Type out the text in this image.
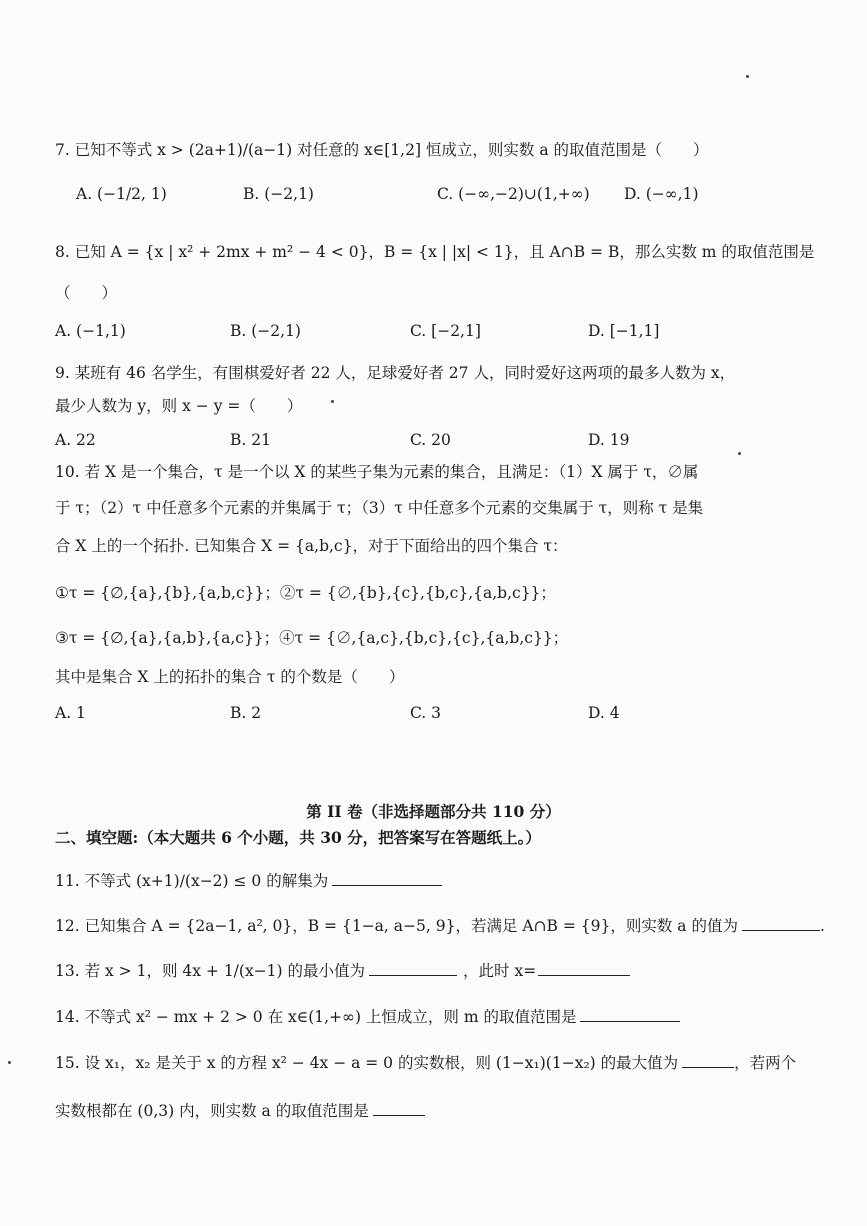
7. 已知不等式 x > (2a+1)/(a−1) 对任意的 x∈[1,2] 恒成立，则实数 a 的取值范围是（　　）
A. (−1/2, 1)	B. (−2,1)	C. (−∞,−2)∪(1,+∞) D. (−∞,1)
8. 已知 A = {x | x² + 2mx + m² − 4 < 0}，B = {x | |x| < 1}，且 A∩B = B，那么实数 m 的取值范围是
（　　）
A. (−1,1)	B. (−2,1)	C. [−2,1]	D. [−1,1]
9. 某班有 46 名学生，有围棋爱好者 22 人，足球爱好者 27 人，同时爱好这两项的最多人数为 x，
最少人数为 y，则 x − y =（　　）
A. 22	B. 21	C. 20	D. 19
10. 若 X 是一个集合，τ 是一个以 X 的某些子集为元素的集合，且满足：（1）X 属于 τ，∅属
于 τ；（2）τ 中任意多个元素的并集属于 τ；（3）τ 中任意多个元素的交集属于 τ，则称 τ 是集
合 X 上的一个拓扑. 已知集合 X = {a,b,c}，对于下面给出的四个集合 τ：
①τ = {∅,{a},{b},{a,b,c}}；②τ = {∅,{b},{c},{b,c},{a,b,c}}；
③τ = {∅,{a},{a,b},{a,c}}；④τ = {∅,{a,c},{b,c},{c},{a,b,c}}；
其中是集合 X 上的拓扑的集合 τ 的个数是（　　）
A. 1	B. 2	C. 3	D. 4
第 II 卷（非选择题部分共 110 分）
二、填空题:（本大题共 6 个小题，共 30 分，把答案写在答题纸上。）
11. 不等式 (x+1)/(x−2) ≤ 0 的解集为
12. 已知集合 A = {2a−1, a², 0}，B = {1−a, a−5, 9}，若满足 A∩B = {9}，则实数 a 的值为	.
13. 若 x > 1，则 4x + 1/(x−1) 的最小值为	，此时 x=
14. 不等式 x² − mx + 2 > 0 在 x∈(1,+∞) 上恒成立，则 m 的取值范围是
15. 设 x₁，x₂ 是关于 x 的方程 x² − 4x − a = 0 的实数根，则 (1−x₁)(1−x₂) 的最大值为	，若两个
实数根都在 (0,3) 内，则实数 a 的取值范围是
